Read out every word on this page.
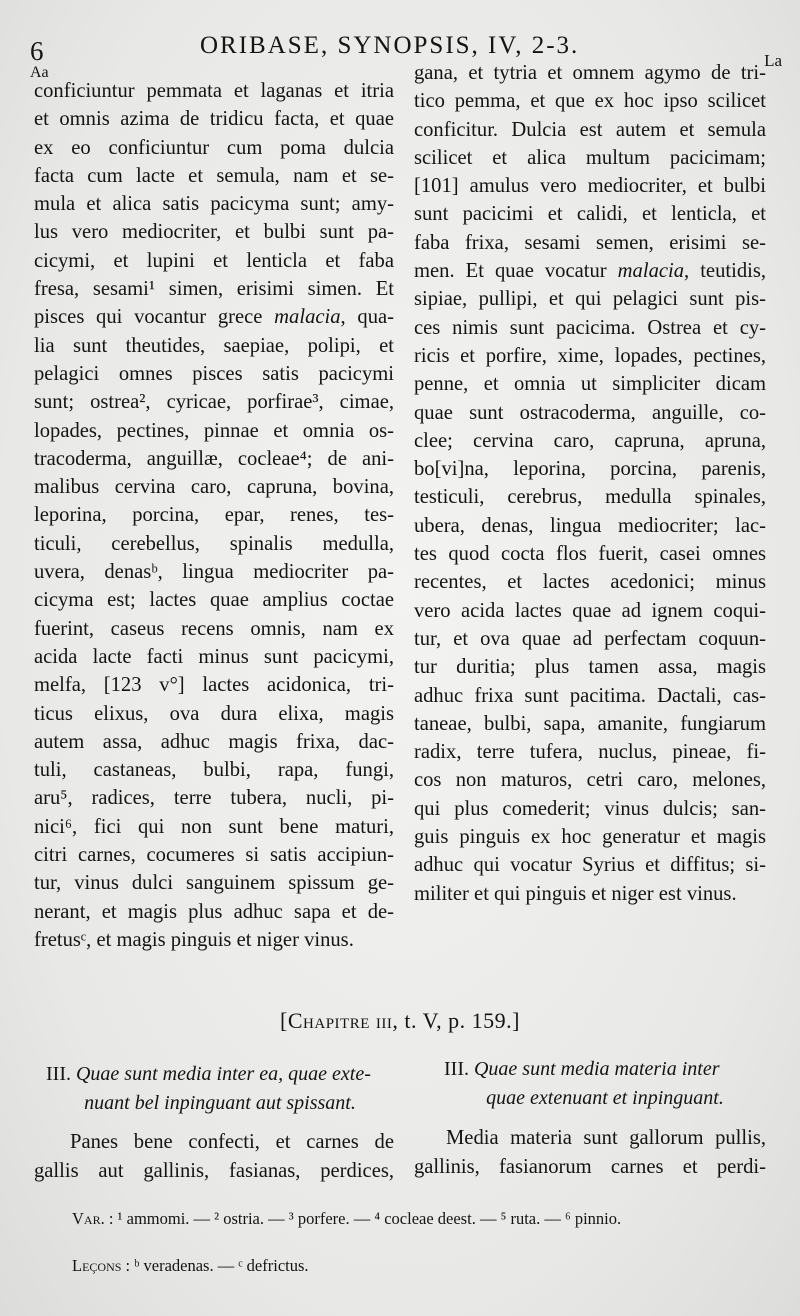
6
Aa
ORIBASE, SYNOPSIS, IV, 2-3.
La
conficiuntur pemmata et laganas et itria
et omnis azima de tridicu facta, et quae
ex eo conficiuntur cum poma dulcia
facta cum lacte et semula, nam et se-
mula et alica satis pacicyma sunt; amy-
lus vero mediocriter, et bulbi sunt pa-
cicymi, et lupini et lenticla et faba
fresa, sesami¹ simen, erisimi simen. Et
pisces qui vocantur grece malacia, qua-
lia sunt theutides, saepiae, polipi, et
pelagici omnes pisces satis pacicymi
sunt; ostrea², cyricae, porfirae³, cimae,
lopades, pectines, pinnae et omnia os-
tracoderma, anguillæ, cocleae⁴; de ani-
malibus cervina caro, capruna, bovina,
leporina, porcina, epar, renes, tes-
ticuli, cerebellus, spinalis medulla,
uvera, denasᵇ, lingua mediocriter pa-
cicyma est; lactes quae amplius coctae
fuerint, caseus recens omnis, nam ex
acida lacte facti minus sunt pacicymi,
melfa, [123 v°] lactes acidonica, tri-
ticus elixus, ova dura elixa, magis
autem assa, adhuc magis frixa, dac-
tuli, castaneas, bulbi, rapa, fungi,
aru⁵, radices, terre tubera, nucli, pi-
nici⁶, fici qui non sunt bene maturi,
citri carnes, cocumeres si satis accipiun-
tur, vinus dulci sanguinem spissum ge-
nerant, et magis plus adhuc sapa et de-
fretusᶜ, et magis pinguis et niger vinus.
gana, et tytria et omnem agymo de tri-
tico pemma, et que ex hoc ipso scilicet
conficitur. Dulcia est autem et semula
scilicet et alica multum pacicimam;
[101] amulus vero mediocriter, et bulbi
sunt pacicimi et calidi, et lenticla, et
faba frixa, sesami semen, erisimi se-
men. Et quae vocatur malacia, teutidis,
sipiae, pullipi, et qui pelagici sunt pis-
ces nimis sunt pacicima. Ostrea et cy-
ricis et porfire, xime, lopades, pectines,
penne, et omnia ut simpliciter dicam
quae sunt ostracoderma, anguille, co-
clee; cervina caro, capruna, apruna,
bo[vi]na, leporina, porcina, parenis,
testiculi, cerebrus, medulla spinales,
ubera, denas, lingua mediocriter; lac-
tes quod cocta flos fuerit, casei omnes
recentes, et lactes acedonici; minus
vero acida lactes quae ad ignem coqui-
tur, et ova quae ad perfectam coquun-
tur duritia; plus tamen assa, magis
adhuc frixa sunt pacitima. Dactali, cas-
taneae, bulbi, sapa, amanite, fungiarum
radix, terre tufera, nuclus, pineae, fi-
cos non maturos, cetri caro, melones,
qui plus comederit; vinus dulcis; san-
guis pinguis ex hoc generatur et magis
adhuc qui vocatur Syrius et diffitus; si-
militer et qui pinguis et niger est vinus.
[Chapitre iii, t. V, p. 159.]
III. Quae sunt media inter ea, quae exte-
nuant bel inpinguant aut spissant.
III. Quae sunt media materia inter
quae extenuant et inpinguant.
Panes bene confecti, et carnes de
gallis aut gallinis, fasianas, perdices,
Media materia sunt gallorum pullis,
gallinis, fasianorum carnes et perdi-
Var. : ¹ ammomi. — ² ostria. — ³ porfere. — ⁴ cocleae deest. — ⁵ ruta. — ⁶ pinnio.
Leçons : ᵇ veradenas. — ᶜ defrictus.
